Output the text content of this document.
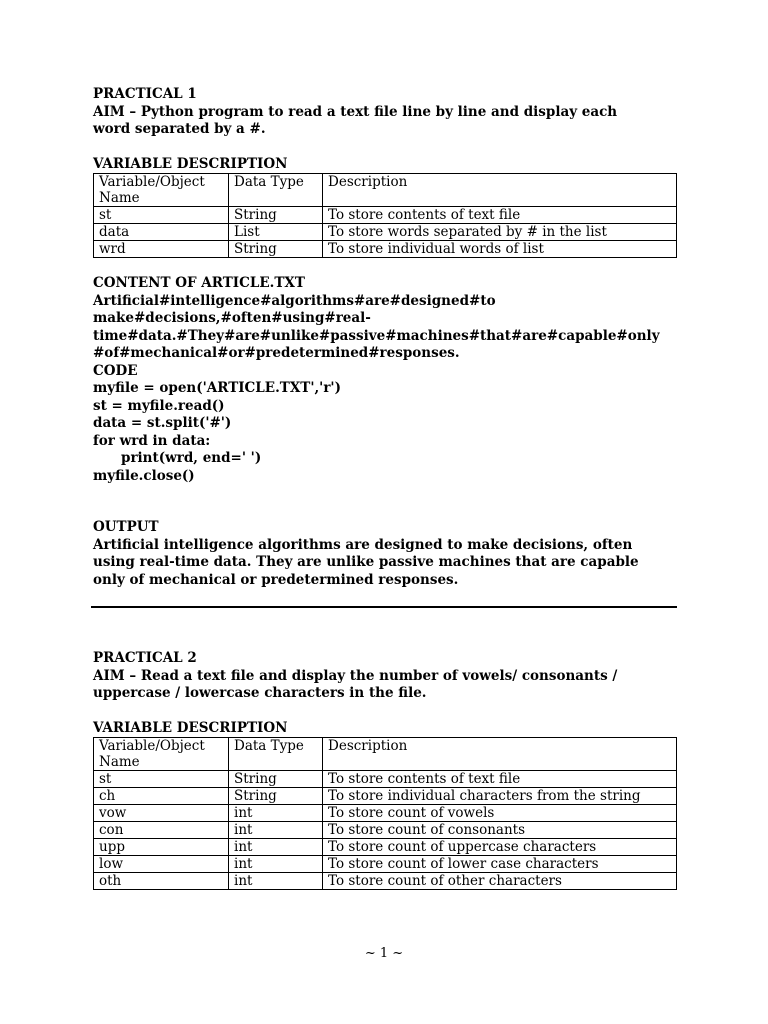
PRACTICAL 1
AIM – Python program to read a text file line by line and display each
word separated by a #.
VARIABLE DESCRIPTION
Variable/Object Name	Data Type	Description
st	String	To store contents of text file
data	List	To store words separated by # in the list
wrd	String	To store individual words of list
CONTENT OF ARTICLE.TXT
Artificial#intelligence#algorithms#are#designed#to
make#decisions,#often#using#real-
time#data.#They#are#unlike#passive#machines#that#are#capable#only
#of#mechanical#or#predetermined#responses.
CODE
myfile = open('ARTICLE.TXT','r')
st = myfile.read()
data = st.split('#')
for wrd in data:
print(wrd, end=' ')
myfile.close()
OUTPUT
Artificial intelligence algorithms are designed to make decisions, often
using real-time data. They are unlike passive machines that are capable
only of mechanical or predetermined responses.
PRACTICAL 2
AIM – Read a text file and display the number of vowels/ consonants /
uppercase / lowercase characters in the file.
VARIABLE DESCRIPTION
Variable/Object Name	Data Type	Description
st	String	To store contents of text file
ch	String	To store individual characters from the string
vow	int	To store count of vowels
con	int	To store count of consonants
upp	int	To store count of uppercase characters
low	int	To store count of lower case characters
oth	int	To store count of other characters
~ 1 ~
